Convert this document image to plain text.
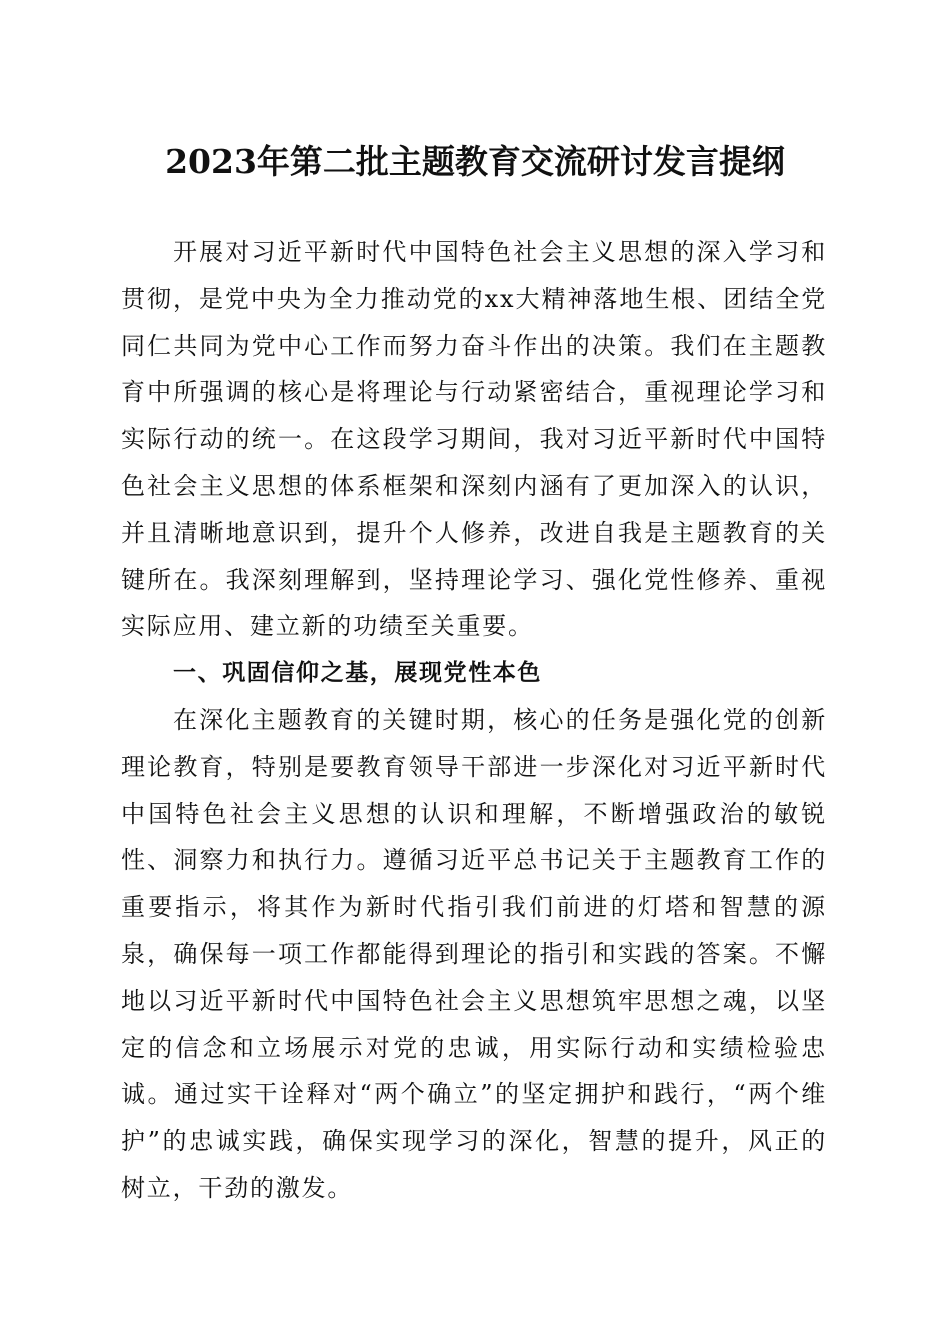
2023年第二批主题教育交流研讨发言提纲

开展对习近平新时代中国特色社会主义思想的深入学习和贯彻，是党中央为全力推动党的xx大精神落地生根、团结全党同仁共同为党中心工作而努力奋斗作出的决策。我们在主题教育中所强调的核心是将理论与行动紧密结合，重视理论学习和实际行动的统一。在这段学习期间，我对习近平新时代中国特色社会主义思想的体系框架和深刻内涵有了更加深入的认识，并且清晰地意识到，提升个人修养，改进自我是主题教育的关键所在。我深刻理解到，坚持理论学习、强化党性修养、重视实际应用、建立新的功绩至关重要。

一、巩固信仰之基，展现党性本色

在深化主题教育的关键时期，核心的任务是强化党的创新理论教育，特别是要教育领导干部进一步深化对习近平新时代中国特色社会主义思想的认识和理解，不断增强政治的敏锐性、洞察力和执行力。遵循习近平总书记关于主题教育工作的重要指示，将其作为新时代指引我们前进的灯塔和智慧的源泉，确保每一项工作都能得到理论的指引和实践的答案。不懈地以习近平新时代中国特色社会主义思想筑牢思想之魂，以坚定的信念和立场展示对党的忠诚，用实际行动和实绩检验忠诚。通过实干诠释对“两个确立”的坚定拥护和践行，“两个维护”的忠诚实践，确保实现学习的深化，智慧的提升，风正的树立，干劲的激发。
